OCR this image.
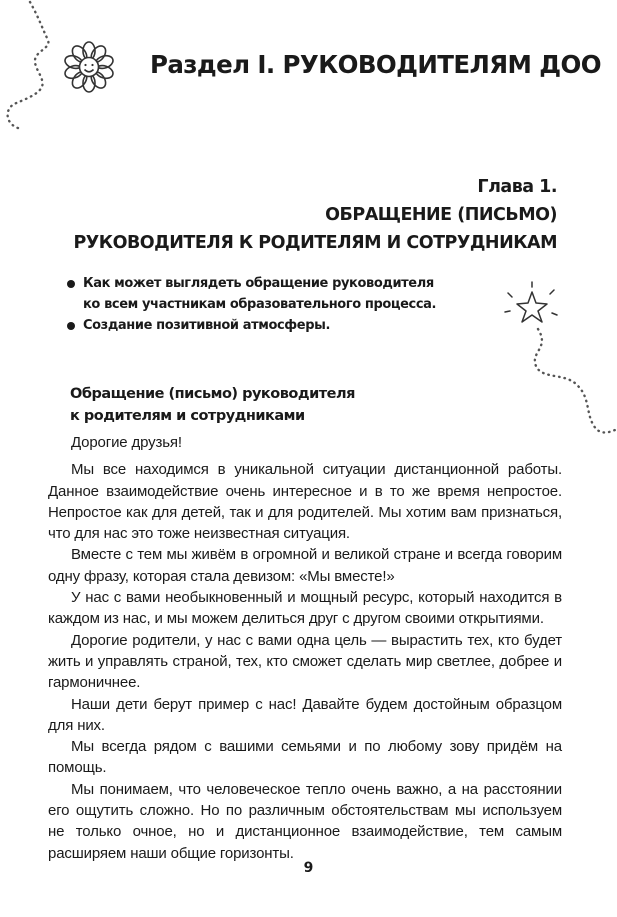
Раздел I. РУКОВОДИТЕЛЯМ ДОО
Глава 1.
ОБРАЩЕНИЕ (ПИСЬМО)
РУКОВОДИТЕЛЯ К РОДИТЕЛЯМ И СОТРУДНИКАМ
Как может выглядеть обращение руководителя
ко всем участникам образовательного процесса.
Создание позитивной атмосферы.
Обращение (письмо) руководителя
к родителям и сотрудниками

Дорогие друзья!

Мы все находимся в уникальной ситуации дистанционной работы. Данное взаимодействие очень интересное и в то же время непростое. Непростое как для детей, так и для родителей. Мы хотим вам признаться, что для нас это тоже неизвестная ситуация.

Вместе с тем мы живём в огромной и великой стране и всегда говорим одну фразу, которая стала девизом: «Мы вместе!»

У нас с вами необыкновенный и мощный ресурс, который находится в каждом из нас, и мы можем делиться друг с другом своими открытиями.

Дорогие родители, у нас с вами одна цель — вырастить тех, кто будет жить и управлять страной, тех, кто сможет сделать мир светлее, добрее и гармоничнее.

Наши дети берут пример с нас! Давайте будем достойным образцом для них.

Мы всегда рядом с вашими семьями и по любому зову придём на помощь.

Мы понимаем, что человеческое тепло очень важно, а на расстоянии его ощутить сложно. Но по различным обстоятельствам мы используем не только очное, но и дистанционное взаимодействие, тем самым расширяем наши общие горизонты.

9
